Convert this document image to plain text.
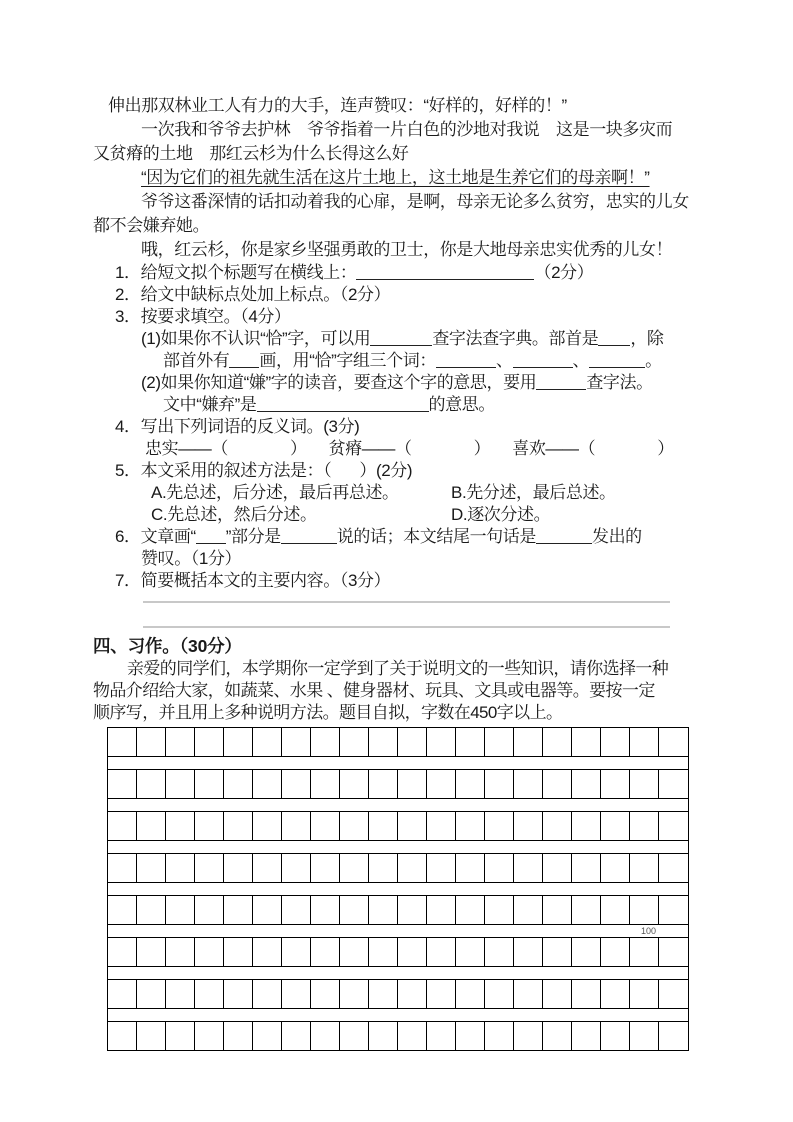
伸出那双林业工人有力的大手，连声赞叹：“好样的，好样的！”
一次我和爷爷去护林　爷爷指着一片白色的沙地对我说　这是一块多灾而
又贫瘠的土地　那红云杉为什么长得这么好
“因为它们的祖先就生活在这片土地上，这土地是生养它们的母亲啊！”
爷爷这番深情的话扣动着我的心扉，是啊，母亲无论多么贫穷，忠实的儿女
都不会嫌弃她。
哦，红云杉，你是家乡坚强勇敢的卫士，你是大地母亲忠实优秀的儿女！
1．给短文拟个标题写在横线上：	（2分）
2．给文中缺标点处加上标点。（2分）
3．按要求填空。（4分）
(1)如果你不认识“恰”字，可以用	查字法查字典。部首是 ，除
部首外有 画，用“恰”字组三个词：	、	、	。
(2)如果你知道“嫌”字的读音，要查这个字的意思，要用	查字法。
文中“嫌弃”是	的意思。
4．写出下列词语的反义词。(3分)
忠实——（	） 贫瘠——（	） 喜欢——（	）
5．本文采用的叙述方法是：（ ）(2分)
A.先总述，后分述，最后再总述。	B.先分述，最后总述。
C.先总述，然后分述。	D.逐次分述。
6．文章画“ ”部分是	说的话；本文结尾一句话是	发出的
赞叹。（1分）
7．简要概括本文的主要内容。（3分）
四、习作。（30分）
亲爱的同学们，本学期你一定学到了关于说明文的一些知识，请你选择一种
物品介绍给大家，如蔬菜、水果 、健身器材、玩具、文具或电器等。要按一定
顺序写，并且用上多种说明方法。题目自拟，字数在450字以上。
100
